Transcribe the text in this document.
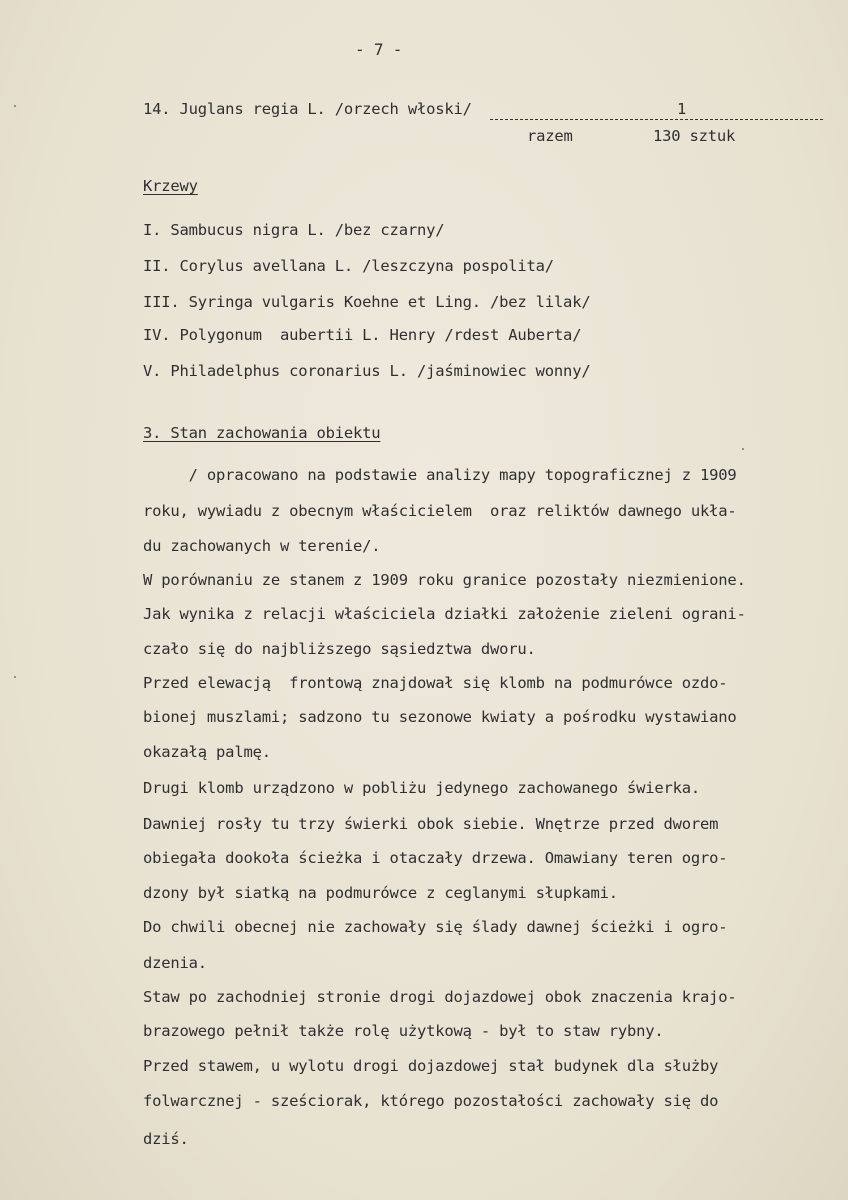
- 7 -
14. Juglans regia L. /orzech włoski/	1
razem	130 sztuk
Krzewy
I. Sambucus nigra L. /bez czarny/
II. Corylus avellana L. /leszczyna pospolita/
III. Syringa vulgaris Koehne et Ling. /bez lilak/
IV. Polygonum  aubertii L. Henry /rdest Auberta/
V. Philadelphus coronarius L. /jaśminowiec wonny/
3. Stan zachowania obiektu
/ opracowano na podstawie analizy mapy topograficznej z 1909
roku, wywiadu z obecnym właścicielem  oraz reliktów dawnego ukła-
du zachowanych w terenie/.
W porównaniu ze stanem z 1909 roku granice pozostały niezmienione.
Jak wynika z relacji właściciela działki założenie zieleni ograni-
czało się do najbliższego sąsiedztwa dworu.
Przed elewacją  frontową znajdował się klomb na podmurówce ozdo-
bionej muszlami; sadzono tu sezonowe kwiaty a pośrodku wystawiano
okazałą palmę.
Drugi klomb urządzono w pobliżu jedynego zachowanego świerka.
Dawniej rosły tu trzy świerki obok siebie. Wnętrze przed dworem
obiegała dookoła ścieżka i otaczały drzewa. Omawiany teren ogro-
dzony był siatką na podmurówce z ceglanymi słupkami.
Do chwili obecnej nie zachowały się ślady dawnej ścieżki i ogro-
dzenia.
Staw po zachodniej stronie drogi dojazdowej obok znaczenia krajo-
brazowego pełnił także rolę użytkową - był to staw rybny.
Przed stawem, u wylotu drogi dojazdowej stał budynek dla służby
folwarcznej - sześciorak, którego pozostałości zachowały się do
dziś.
